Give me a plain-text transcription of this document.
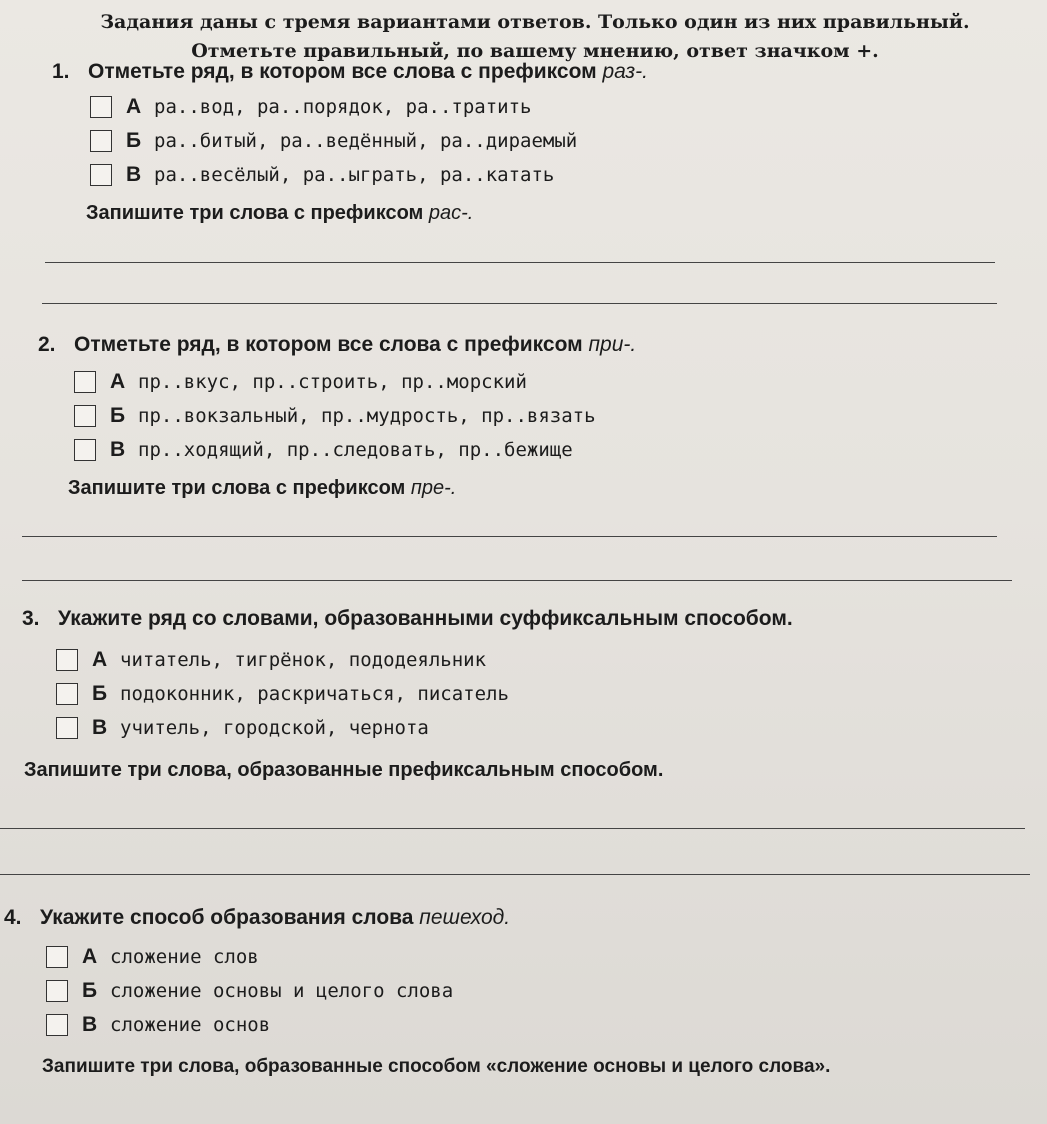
Задания даны с тремя вариантами ответов. Только один из них правильный.
Отметьте правильный, по вашему мнению, ответ значком +.
1. Отметьте ряд, в котором все слова с префиксом раз-.
А ра..вод, ра..порядок, ра..тратить
Б ра..битый, ра..ведённый, ра..дираемый
В ра..весёлый, ра..ыграть, ра..катать
Запишите три слова с префиксом рас-.
2. Отметьте ряд, в котором все слова с префиксом при-.
А пр..вкус, пр..строить, пр..морский
Б пр..вокзальный, пр..мудрость, пр..вязать
В пр..ходящий, пр..следовать, пр..бежище
Запишите три слова с префиксом пре-.
3. Укажите ряд со словами, образованными суффиксальным способом.
А читатель, тигрёнок, пододеяльник
Б подоконник, раскричаться, писатель
В учитель, городской, чернота
Запишите три слова, образованные префиксальным способом.
4. Укажите способ образования слова пешеход.
А сложение слов
Б сложение основы и целого слова
В сложение основ
Запишите три слова, образованные способом «сложение основы и целого слова».
